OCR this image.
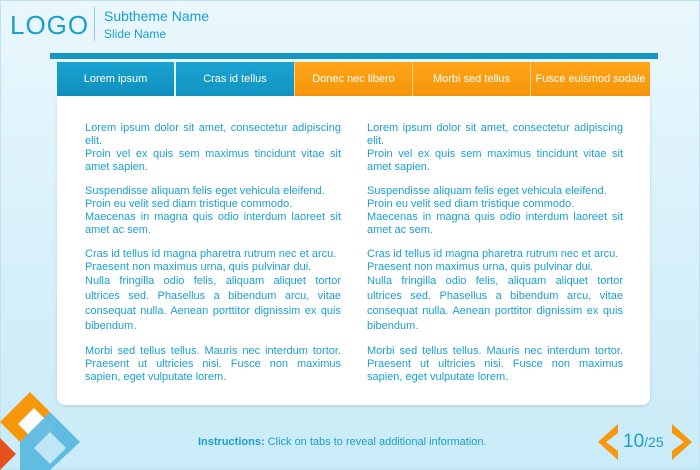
LOGO Subtheme Name
Slide Name
Lorem ipsum	Cras id tellus	Donec nec libero	Morbi sed tellus Fusce euismod sodale

Lorem ipsum dolor sit amet, consectetur adipiscing elit.
Proin vel ex quis sem maximus tincidunt vitae sit amet sapien.

Suspendisse aliquam felis eget vehicula eleifend.
Proin eu velit sed diam tristique commodo.
Maecenas in magna quis odio interdum laoreet sit amet ac sem.

Cras id tellus id magna pharetra rutrum nec et arcu.
Praesent non maximus urna, quis pulvinar dui.
Nulla fringilla odio felis, aliquam aliquet tortor ultrices sed. Phasellus a bibendum arcu, vitae consequat nulla. Aenean porttitor dignissim ex quis bibendum.

Morbi sed tellus tellus. Mauris nec interdum tortor. Praesent ut ultricies nisi. Fusce non maximus sapien, eget vulputate lorem.

Lorem ipsum dolor sit amet, consectetur adipiscing elit.
Proin vel ex quis sem maximus tincidunt vitae sit amet sapien.

Suspendisse aliquam felis eget vehicula eleifend.
Proin eu velit sed diam tristique commodo.
Maecenas in magna quis odio interdum laoreet sit amet ac sem.

Cras id tellus id magna pharetra rutrum nec et arcu.
Praesent non maximus urna, quis pulvinar dui.
Nulla fringilla odio felis, aliquam aliquet tortor ultrices sed. Phasellus a bibendum arcu, vitae consequat nulla. Aenean porttitor dignissim ex quis bibendum.

Morbi sed tellus tellus. Mauris nec interdum tortor. Praesent ut ultricies nisi. Fusce non maximus sapien, eget vulputate lorem.

Instructions: Click on tabs to reveal additional information.	10/25
